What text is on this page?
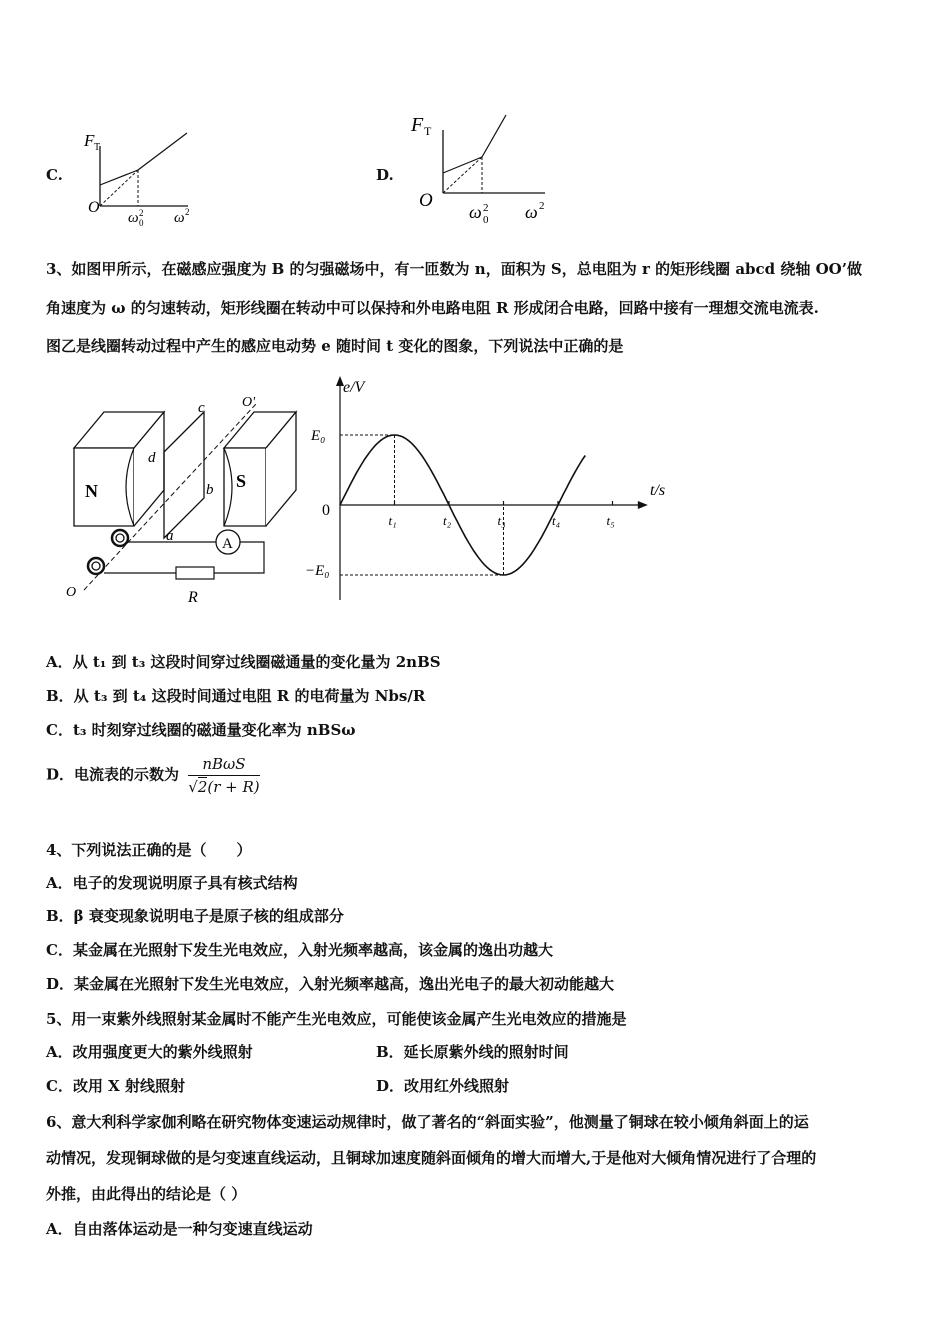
C.
F T
O
ω 2
0 ω 2
D.
F T
O
ω 2
0 ω 2
3、如图甲所示，在磁感应强度为 B 的匀强磁场中，有一匝数为 n，面积为 S，总电阻为 r 的矩形线圈 abcd 绕轴 OO’做
角速度为 ω 的匀速转动，矩形线圈在转动中可以保持和外电路电阻 R 形成闭合电路，回路中接有一理想交流电流表.
图乙是线圈转动过程中产生的感应电动势 e 随时间 t 变化的图象，下列说法中正确的是
N	S
d
c
b
a
O'
O
A
R
t₁	t₂	t₃	t₄	t₅
e/V
t/s
0
E₀
−E₀
A．从 t₁ 到 t₃ 这段时间穿过线圈磁通量的变化量为 2nBS
B．从 t₃ 到 t₄ 这段时间通过电阻 R 的电荷量为 Nbs/R
C．t₃ 时刻穿过线圈的磁通量变化率为 nBSω
D．电流表的示数为 $\frac{\text{nBωS}}{√2(r + R)}$
4、下列说法正确的是（　　）
A．电子的发现说明原子具有核式结构
B．β 衰变现象说明电子是原子核的组成部分
C．某金属在光照射下发生光电效应，入射光频率越高，该金属的逸出功越大
D．某金属在光照射下发生光电效应，入射光频率越高，逸出光电子的最大初动能越大
5、用一束紫外线照射某金属时不能产生光电效应，可能使该金属产生光电效应的措施是
A．改用强度更大的紫外线照射	B．延长原紫外线的照射时间
C．改用 X 射线照射	D．改用红外线照射
6、意大利科学家伽利略在研究物体变速运动规律时，做了著名的“斜面实验”，他测量了铜球在较小倾角斜面上的运
动情况，发现铜球做的是匀变速直线运动，且铜球加速度随斜面倾角的增大而增大,于是他对大倾角情况进行了合理的
外推，由此得出的结论是（ ）
A．自由落体运动是一种匀变速直线运动
